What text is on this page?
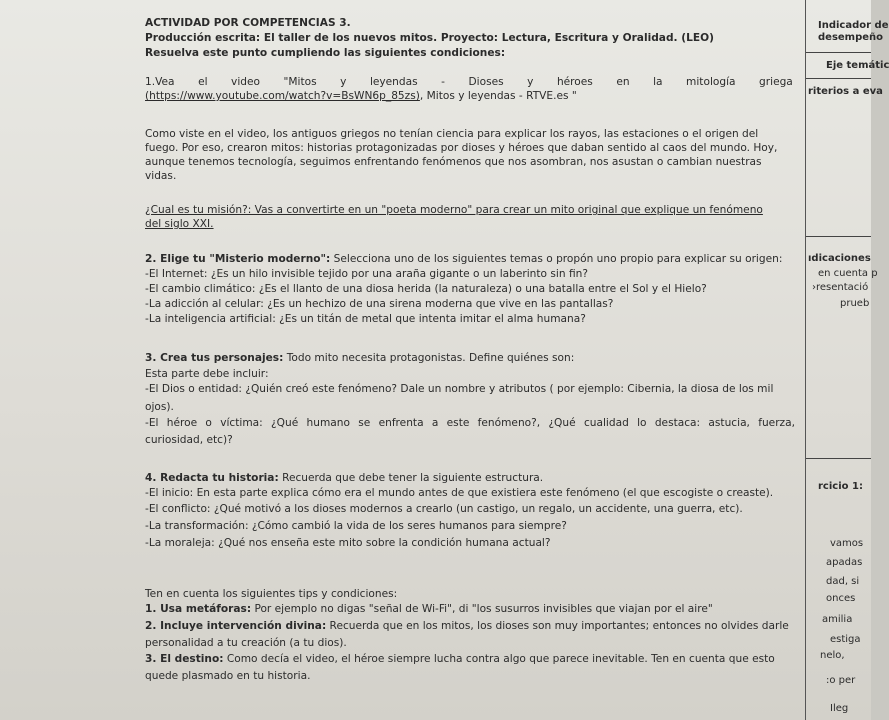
ACTIVIDAD POR COMPETENCIAS 3.
Producción escrita: El taller de los nuevos mitos. Proyecto: Lectura, Escritura y Oralidad. (LEO)
Resuelva este punto cumpliendo las siguientes condiciones:
1.Vea el video "Mitos y leyendas - Dioses y héroes en la mitología griega
(https://www.youtube.com/watch?v=BsWN6p_85zs), Mitos y leyendas - RTVE.es "
Como viste en el video, los antiguos griegos no tenían ciencia para explicar los rayos, las estaciones o el origen del
fuego. Por eso, crearon mitos: historias protagonizadas por dioses y héroes que daban sentido al caos del mundo. Hoy,
aunque tenemos tecnología, seguimos enfrentando fenómenos que nos asombran, nos asustan o cambian nuestras
vidas.
¿Cual es tu misión?: Vas a convertirte en un "poeta moderno" para crear un mito original que explique un fenómeno
del siglo XXI.
2. Elige tu "Misterio moderno": Selecciona uno de los siguientes temas o propón uno propio para explicar su origen:
-El Internet: ¿Es un hilo invisible tejido por una araña gigante o un laberinto sin fin?
-El cambio climático: ¿Es el llanto de una diosa herida (la naturaleza) o una batalla entre el Sol y el Hielo?
-La adicción al celular: ¿Es un hechizo de una sirena moderna que vive en las pantallas?
-La inteligencia artificial: ¿Es un titán de metal que intenta imitar el alma humana?
3. Crea tus personajes: Todo mito necesita protagonistas. Define quiénes son:
Esta parte debe incluir:
-El Dios o entidad: ¿Quién creó este fenómeno? Dale un nombre y atributos ( por ejemplo: Cibernia, la diosa de los mil
ojos).
-El héroe o víctima: ¿Qué humano se enfrenta a este fenómeno?, ¿Qué cualidad lo destaca: astucia, fuerza,
curiosidad, etc)?
4. Redacta tu historia: Recuerda que debe tener la siguiente estructura.
-El inicio: En esta parte explica cómo era el mundo antes de que existiera este fenómeno (el que escogiste o creaste).
-El conflicto: ¿Qué motivó a los dioses modernos a crearlo (un castigo, un regalo, un accidente, una guerra, etc).
-La transformación: ¿Cómo cambió la vida de los seres humanos para siempre?
-La moraleja: ¿Qué nos enseña este mito sobre la condición humana actual?
Ten en cuenta los siguientes tips y condiciones:
1. Usa metáforas: Por ejemplo no digas "señal de Wi-Fi", di "los susurros invisibles que viajan por el aire"
2. Incluye intervención divina: Recuerda que en los mitos, los dioses son muy importantes; entonces no olvides darle
personalidad a tu creación (a tu dios).
3. El destino: Como decía el video, el héroe siempre lucha contra algo que parece inevitable. Ten en cuenta que esto
quede plasmado en tu historia.
Indicador de
desempeño
Eje temátic
riterios a eva
ıdicaciones
en cuenta p
›resentació
prueb
rcicio 1:
vamos
apadas
dad, si
onces
amilia
estiga
nelo,
:o per
Ileg
